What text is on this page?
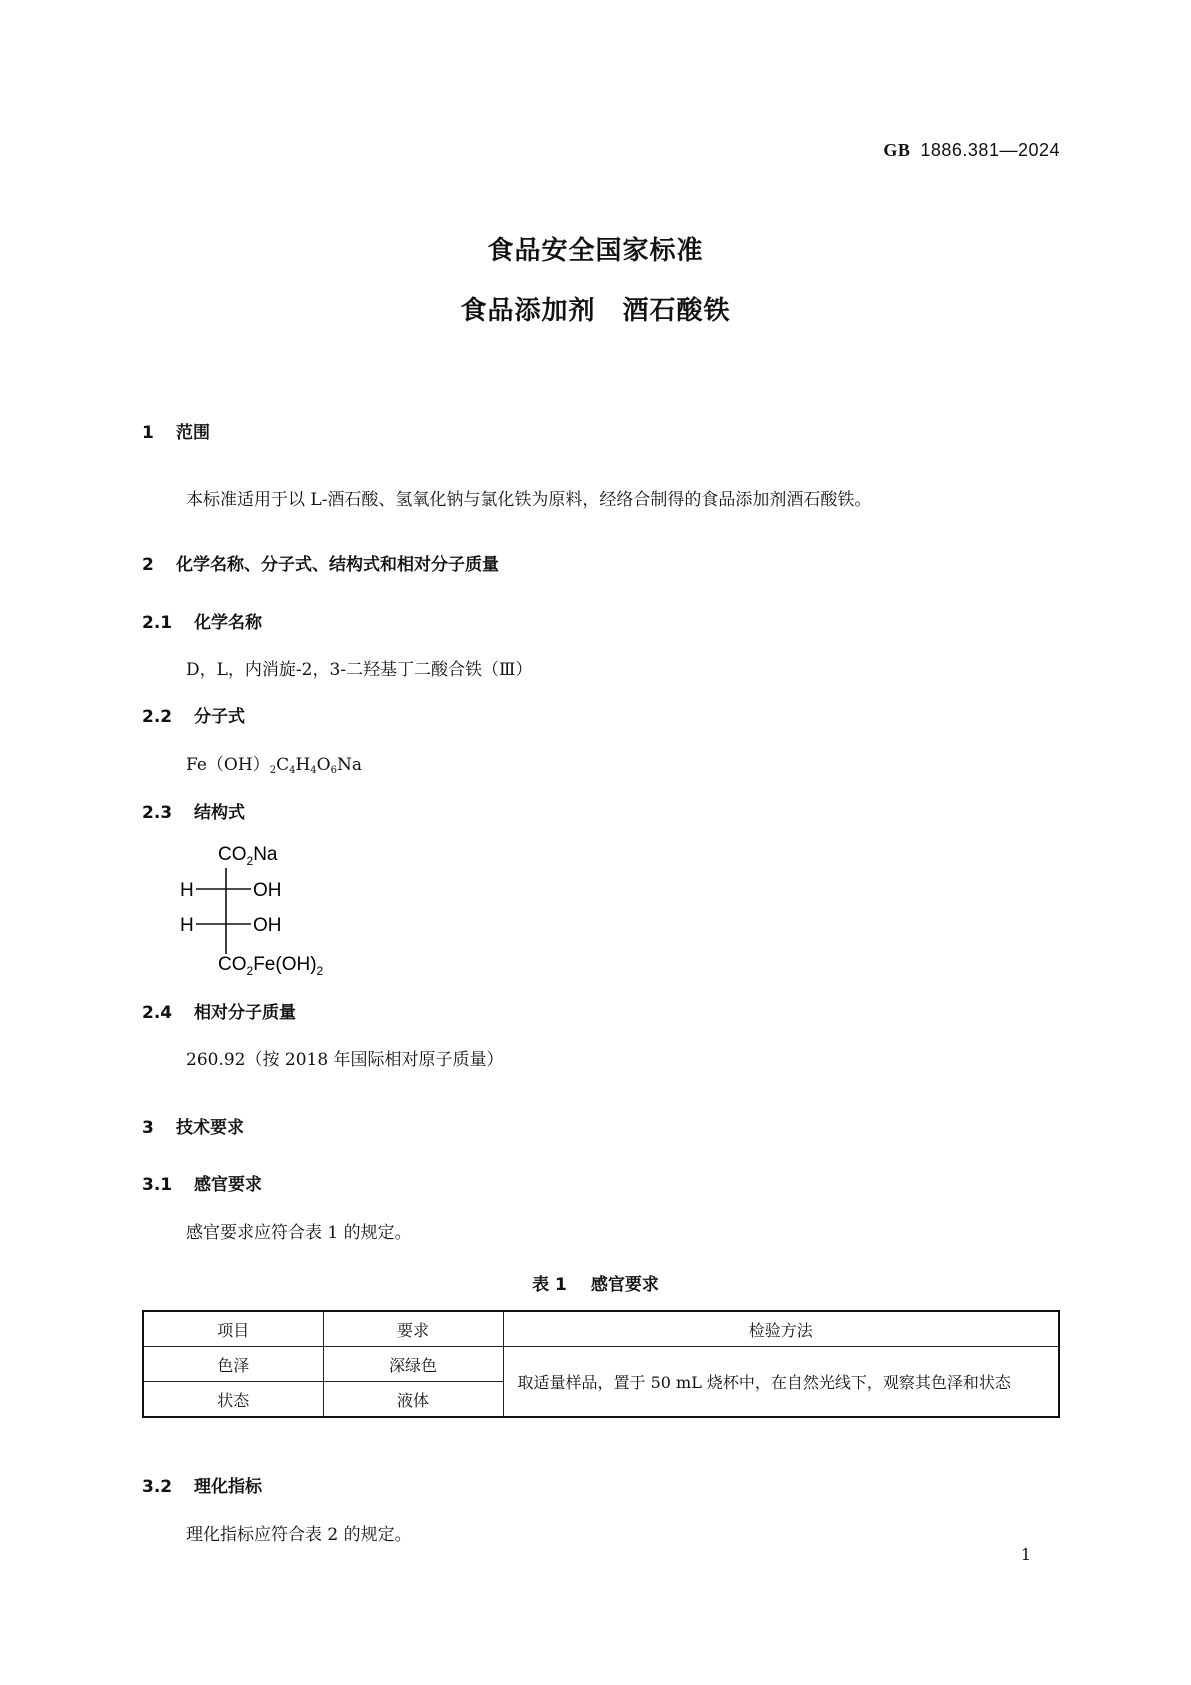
GB 1886.381—2024
食品安全国家标准
食品添加剂　酒石酸铁
1 范围
本标准适用于以 L-酒石酸、氢氧化钠与氯化铁为原料，经络合制得的食品添加剂酒石酸铁。
2 化学名称、分子式、结构式和相对分子质量
2.1 化学名称
D，L，内消旋-2，3-二羟基丁二酸合铁（Ⅲ）
2.2 分子式
$Fe(OH)_2C_4H_4O_6Na$
2.3 结构式
$CO_2Na$
H	OH
H	OH
$CO_2Fe(OH)_2$
2.4 相对分子质量
260.92（按 2018 年国际相对原子质量）
3 技术要求
3.1 感官要求
感官要求应符合表 1 的规定。
表 1 感官要求
项目	要求	检验方法
色泽	深绿色	取适量样品，置于 50 mL 烧杯中，在自然光线下，观察其色泽和状态
状态	液体	
3.2 理化指标
理化指标应符合表 2 的规定。
1
